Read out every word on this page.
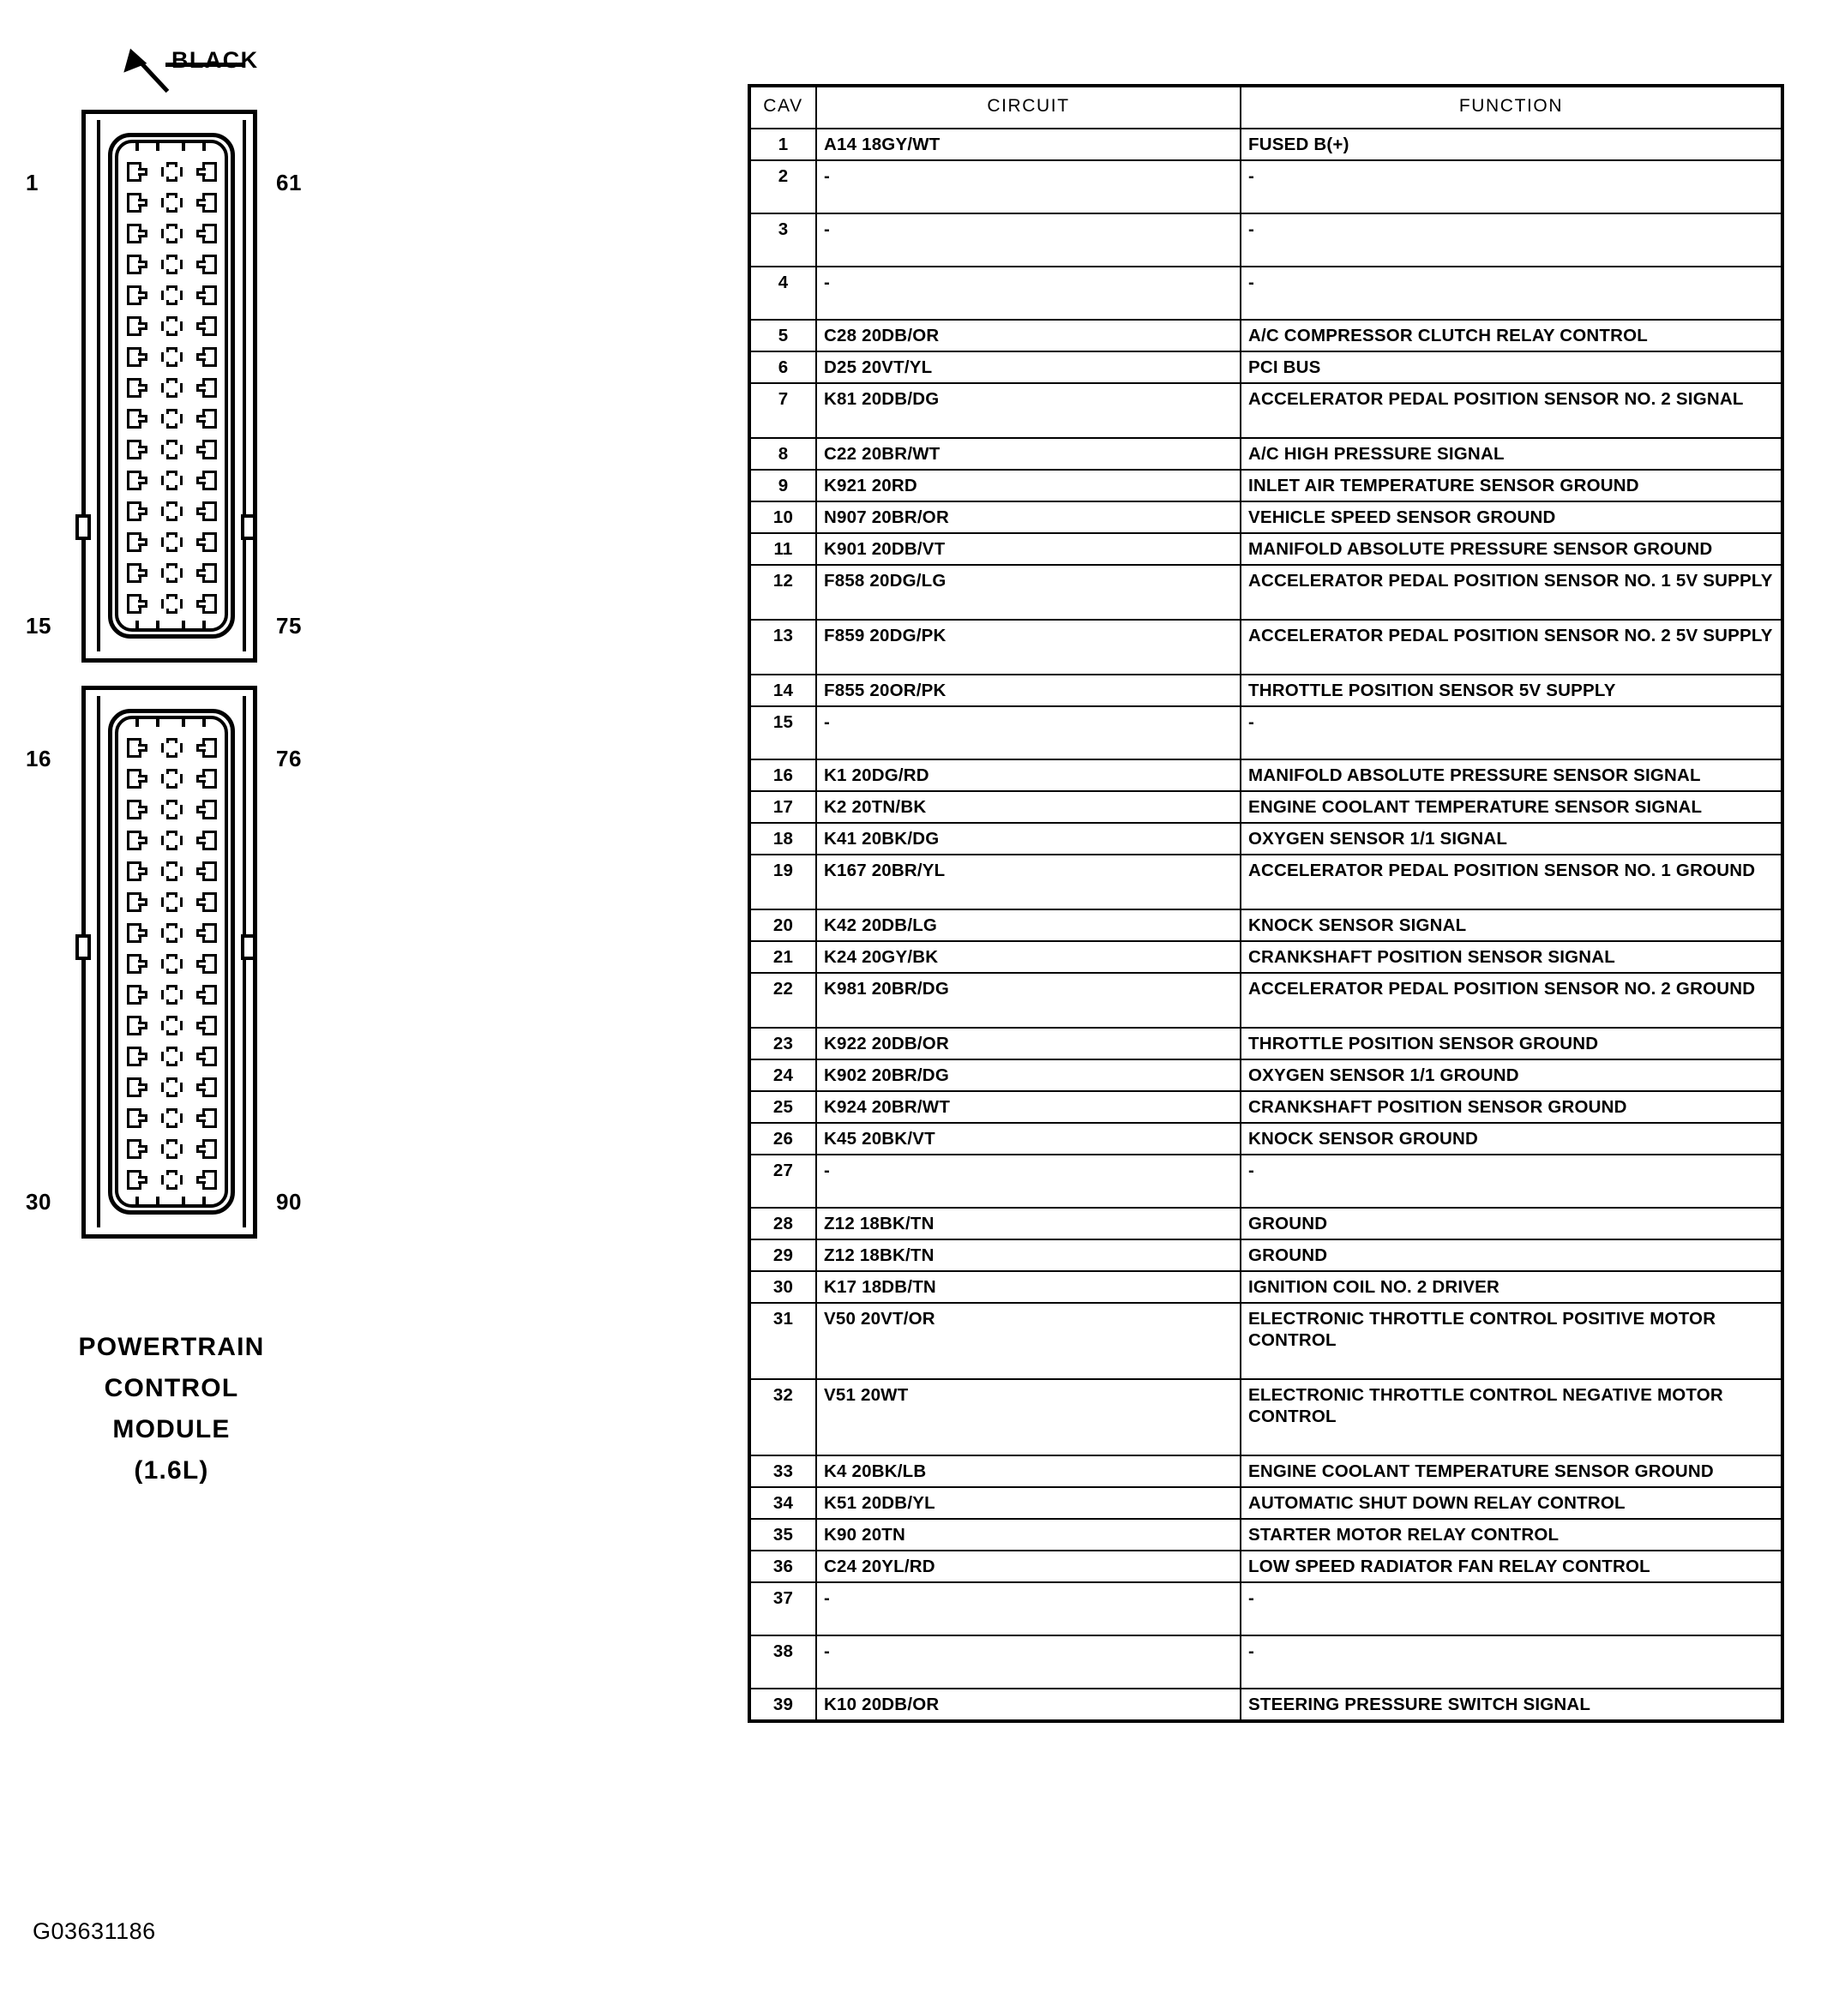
BLACK
1	61
15	75
16	76
30	90
POWERTRAIN
CONTROL
MODULE
(1.6L)
G03631186
CAV	CIRCUIT	FUNCTION
1	A14 18GY/WT	FUSED B(+)
2	-	-
3	-	-
4	-	-
5	C28 20DB/OR	A/C COMPRESSOR CLUTCH RELAY CONTROL
6	D25 20VT/YL	PCI BUS
7	K81 20DB/DG	ACCELERATOR PEDAL POSITION SENSOR NO. 2 SIGNAL
8	C22 20BR/WT	A/C HIGH PRESSURE SIGNAL
9	K921 20RD	INLET AIR TEMPERATURE SENSOR GROUND
10	N907 20BR/OR	VEHICLE SPEED SENSOR GROUND
11	K901 20DB/VT	MANIFOLD ABSOLUTE PRESSURE SENSOR GROUND
12	F858 20DG/LG	ACCELERATOR PEDAL POSITION SENSOR NO. 1 5V SUPPLY
13	F859 20DG/PK	ACCELERATOR PEDAL POSITION SENSOR NO. 2 5V SUPPLY
14	F855 20OR/PK	THROTTLE POSITION SENSOR 5V SUPPLY
15	-	-
16	K1 20DG/RD	MANIFOLD ABSOLUTE PRESSURE SENSOR SIGNAL
17	K2 20TN/BK	ENGINE COOLANT TEMPERATURE SENSOR SIGNAL
18	K41 20BK/DG	OXYGEN SENSOR 1/1 SIGNAL
19	K167 20BR/YL	ACCELERATOR PEDAL POSITION SENSOR NO. 1 GROUND
20	K42 20DB/LG	KNOCK SENSOR SIGNAL
21	K24 20GY/BK	CRANKSHAFT POSITION SENSOR SIGNAL
22	K981 20BR/DG	ACCELERATOR PEDAL POSITION SENSOR NO. 2 GROUND
23	K922 20DB/OR	THROTTLE POSITION SENSOR GROUND
24	K902 20BR/DG	OXYGEN SENSOR 1/1 GROUND
25	K924 20BR/WT	CRANKSHAFT POSITION SENSOR GROUND
26	K45 20BK/VT	KNOCK SENSOR GROUND
27	-	-
28	Z12 18BK/TN	GROUND
29	Z12 18BK/TN	GROUND
30	K17 18DB/TN	IGNITION COIL NO. 2 DRIVER
31	V50 20VT/OR	ELECTRONIC THROTTLE CONTROL POSITIVE MOTOR CONTROL
32	V51 20WT	ELECTRONIC THROTTLE CONTROL NEGATIVE MOTOR CONTROL
33	K4 20BK/LB	ENGINE COOLANT TEMPERATURE SENSOR GROUND
34	K51 20DB/YL	AUTOMATIC SHUT DOWN RELAY CONTROL
35	K90 20TN	STARTER MOTOR RELAY CONTROL
36	C24 20YL/RD	LOW SPEED RADIATOR FAN RELAY CONTROL
37	-	-
38	-	-
39	K10 20DB/OR	STEERING PRESSURE SWITCH SIGNAL
